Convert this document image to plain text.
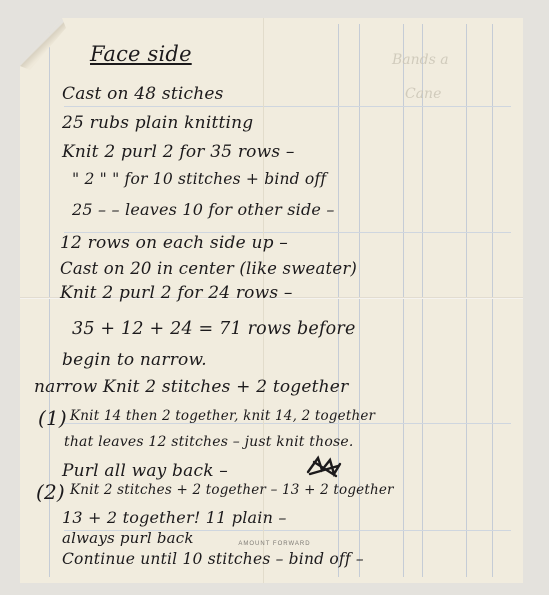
Bands a
Cane
Face side
Cast on 48 stiches
25 rubs plain knitting
Knit 2 purl 2 for 35 rows –
" 2 " " for 10 stitches + bind off
25 – – leaves 10 for other side –
12 rows on each side up –
Cast on 20 in center (like sweater)
Knit 2 purl 2 for 24 rows –
35 + 12 + 24 = 71 rows before
begin to narrow.
narrow Knit 2 stitches + 2 together
(1) Knit 14 then 2 together, knit 14, 2 together
that leaves 12 stitches – just knit those.
Purl all way back –
(2) Knit 2 stitches + 2 together – 13 + 2 together
13 + 2 together! 11 plain –
always purl back
Continue until 10 stitches – bind off –
AMOUNT FORWARD
